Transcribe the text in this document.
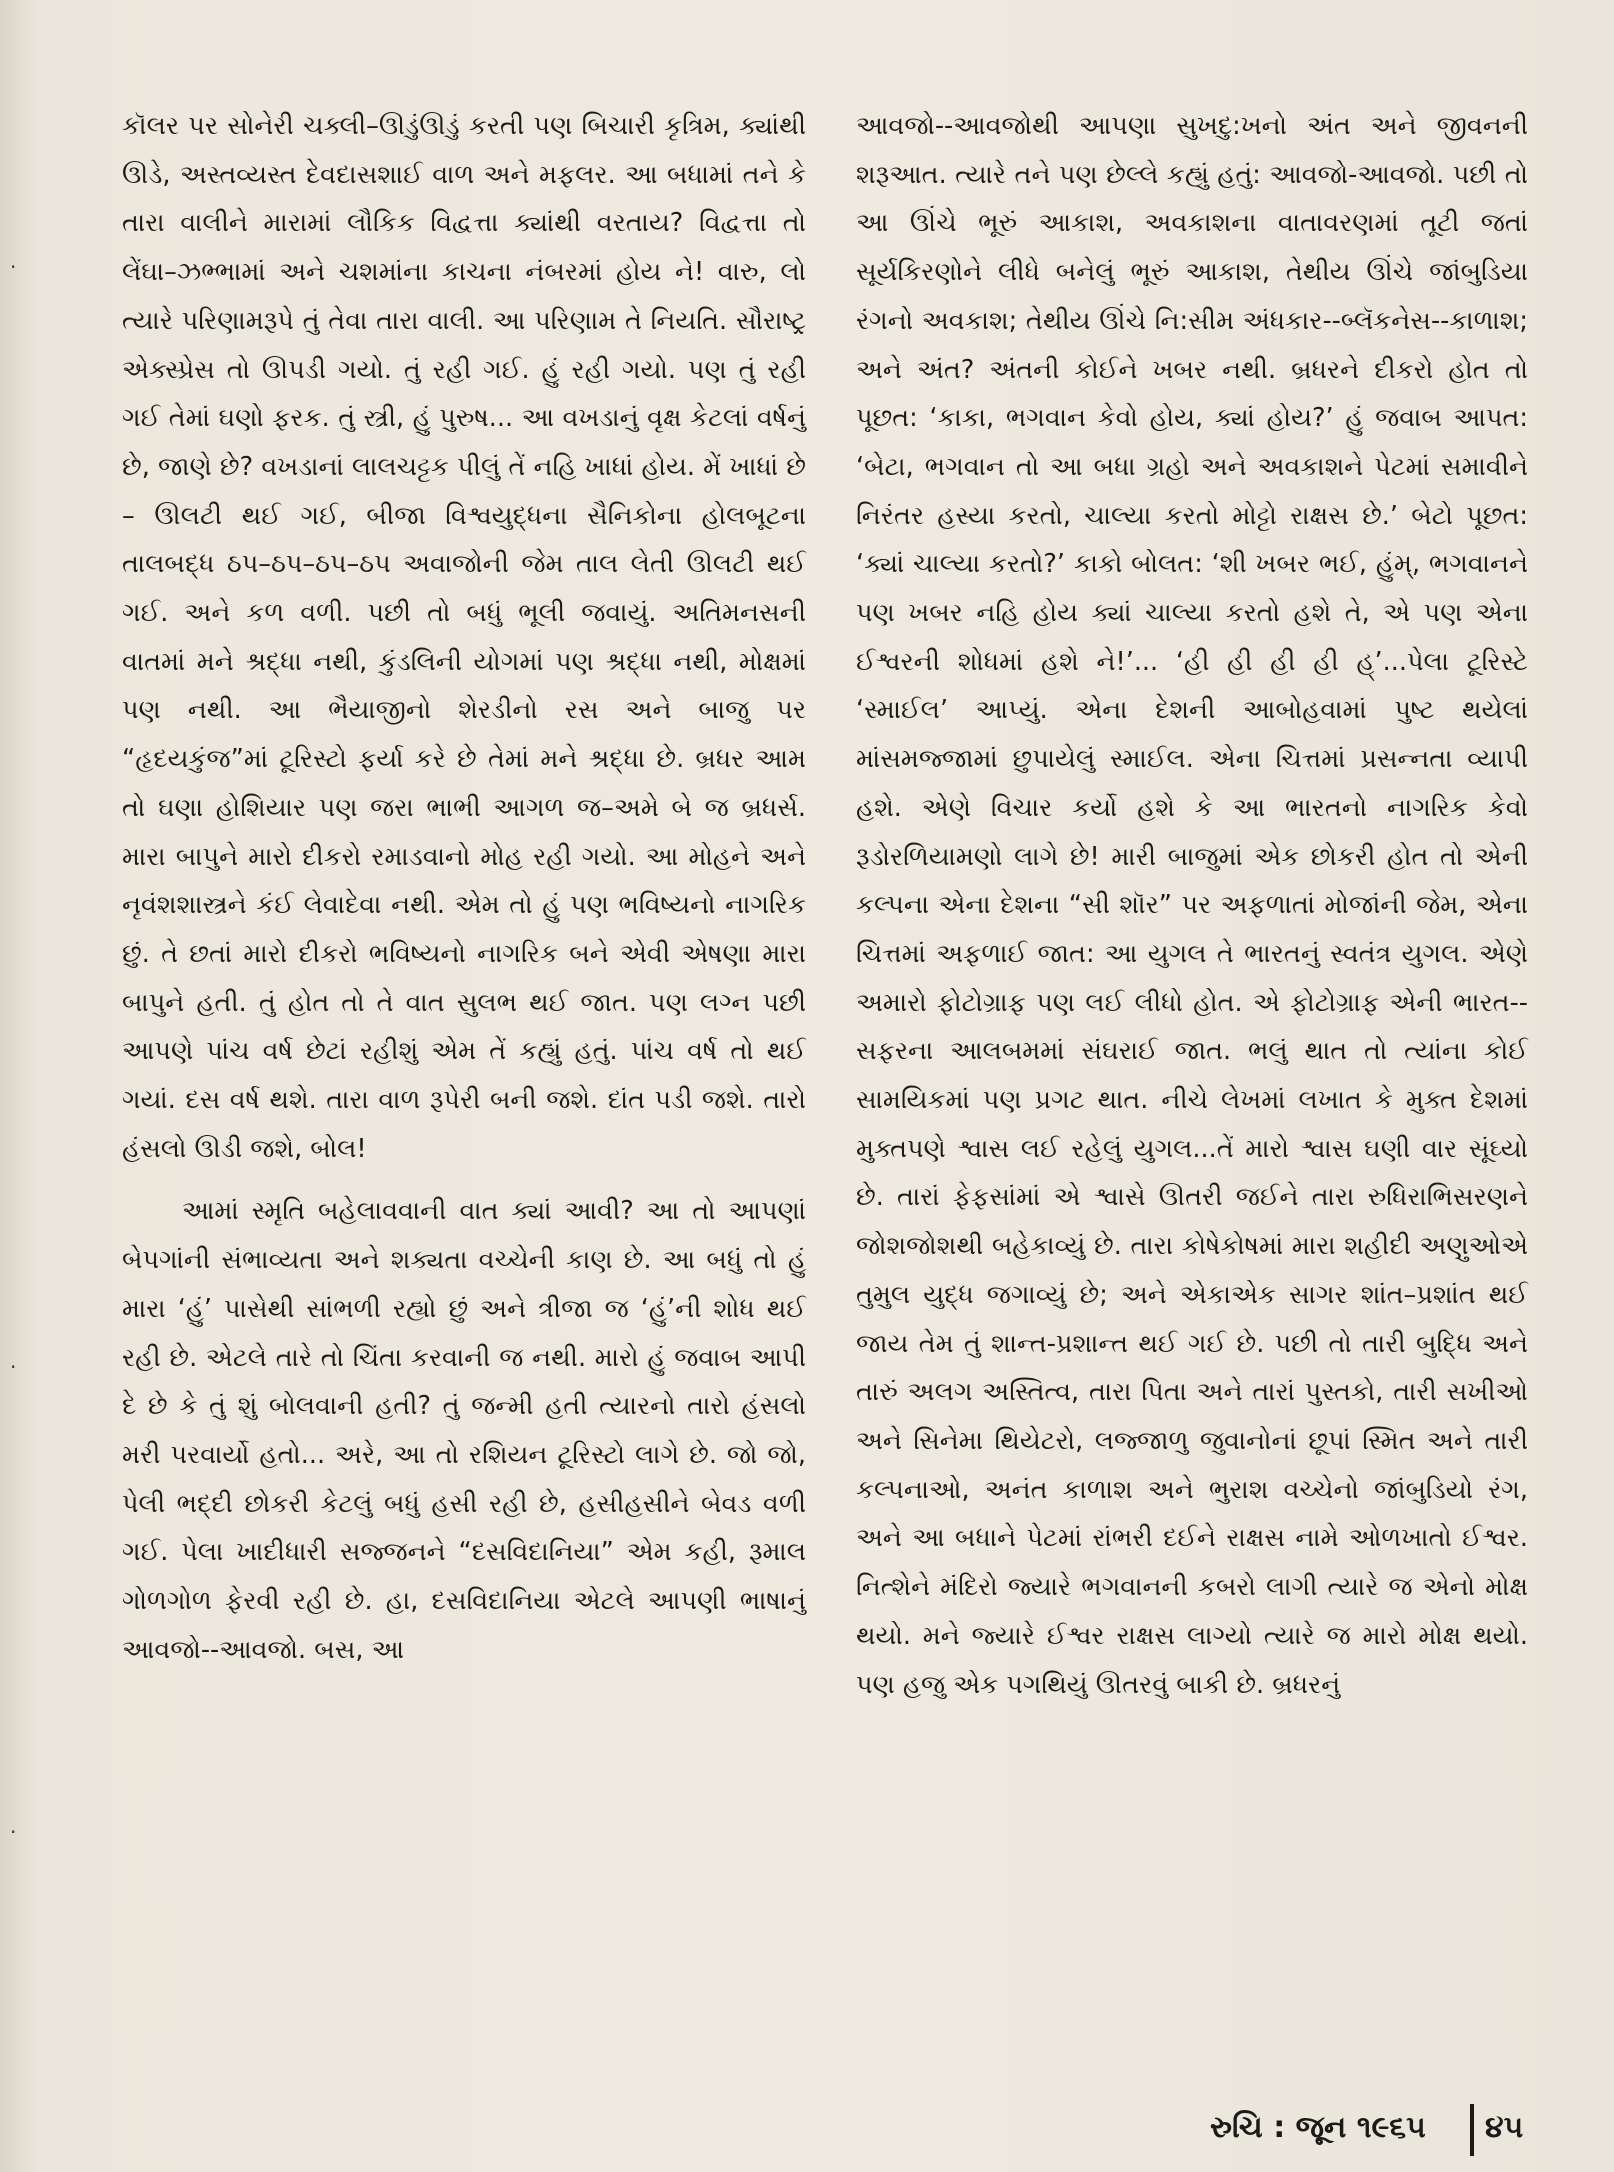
·
·
·

કૉલર પર સોનેરી ચક્લી–ઊડુંઊડું કરતી પણ બિચારી કૃત્રિમ, ક્યાંથી ઊડે, અસ્તવ્યસ્ત દેવદાસશાઈ વાળ અને મફલર. આ બધામાં તને કે તારા વાલીને મારામાં લૌકિક વિદ્વત્તા ક્યાંથી વરતાય? વિદ્વત્તા તો લેંઘા–ઝભ્ભામાં અને ચશમાંના કાચના નંબરમાં હોય ને! વારુ, લો ત્યારે પરિણામરૂપે તું તેવા તારા વાલી. આ પરિણામ તે નિયતિ. સૌરાષ્ટ્ર એક્સ્પ્રેસ તો ઊપડી ગયો. તું રહી ગઈ. હું રહી ગયો. પણ તું રહી ગઈ તેમાં ઘણો ફરક. તું સ્ત્રી, હું પુરુષ... આ વખડાનું વૃક્ષ કેટલાં વર્ષનું છે, જાણે છે? વખડાનાં લાલચટ્ટક પીલું તેં નહિ ખાધાં હોય. મેં ખાધાં છે – ઊલટી થઈ ગઈ, બીજા વિશ્વયુદ્ધના સૈનિકોના હોલબૂટના તાલબદ્ધ ઠપ–ઠપ–ઠપ–ઠપ અવાજોની જેમ તાલ લેતી ઊલટી થઈ ગઈ. અને કળ વળી. પછી તો બધું ભૂલી જવાયું. અતિમનસની વાતમાં મને શ્રદ્ધા નથી, કુંડલિની યોગમાં પણ શ્રદ્ધા નથી, મોક્ષમાં પણ નથી. આ ભૈયાજીનો શેરડીનો રસ અને બાજુ પર “હૃદયકુંજ”માં ટૂરિસ્ટો ફર્યા કરે છે તેમાં મને શ્રદ્ધા છે. બ્રધર આમ તો ઘણા હોશિયાર પણ જરા ભાભી આગળ જ–અમે બે જ બ્રધર્સ. મારા બાપુને મારો દીકરો રમાડવાનો મોહ રહી ગયો. આ મોહને અને નૃવંશશાસ્ત્રને કંઈ લેવાદેવા નથી. એમ તો હું પણ ભવિષ્યનો નાગરિક છું. તે છતાં મારો દીકરો ભવિષ્યનો નાગરિક બને એવી એષણા મારા બાપુને હતી. તું હોત તો તે વાત સુલભ થઈ જાત. પણ લગ્ન પછી આપણે પાંચ વર્ષ છેટાં રહીશું એમ તેં કહ્યું હતું. પાંચ વર્ષ તો થઈ ગયાં. દસ વર્ષ થશે. તારા વાળ રૂપેરી બની જશે. દાંત પડી જશે. તારો હંસલો ઊડી જશે, બોલ!

આમાં સ્મૃતિ બહેલાવવાની વાત ક્યાં આવી? આ તો આપણાં બેપગાંની સંભાવ્યતા અને શક્યતા વચ્ચેની કાણ છે. આ બધું તો હું મારા ‘હું’ પાસેથી સાંભળી રહ્યો છું અને ત્રીજા જ ‘હું’ની શોધ થઈ રહી છે. એટલે તારે તો ચિંતા કરવાની જ નથી. મારો હું જવાબ આપી દે છે કે તું શું બોલવાની હતી? તું જન્મી હતી ત્યારનો તારો હંસલો મરી પરવાર્યો હતો... અરે, આ તો રશિયન ટૂરિસ્ટો લાગે છે. જો જો, પેલી ભદ્દી છોકરી કેટલું બધું હસી રહી છે, હસીહસીને બેવડ વળી ગઈ. પેલા ખાદીધારી સજ્જનને “દસવિદાનિયા” એમ કહી, રૂમાલ ગોળગોળ ફેરવી રહી છે. હા, દસવિદાનિયા એટલે આપણી ભાષાનું આવજો--આવજો. બસ, આ

આવજો--આવજોથી આપણા સુખદુ:ખનો અંત અને જીવનની શરૂઆત. ત્યારે તને પણ છેલ્લે કહ્યું હતું: આવજો-આવજો. પછી તો આ ઊંચે ભૂરું આકાશ, અવકાશના વાતાવરણમાં તૂટી જતાં સૂર્યકિરણોને લીધે બનેલું ભૂરું આકાશ, તેથીય ઊંચે જાંબુડિયા રંગનો અવકાશ; તેથીય ઊંચે નિ:સીમ અંધકાર--બ્લૅકનેસ--કાળાશ; અને અંત? અંતની કોઈને ખબર નથી. બ્રધરને દીકરો હોત તો પૂછત: ‘કાકા, ભગવાન કેવો હોય, ક્યાં હોય?’ હું જવાબ આપત: ‘બેટા, ભગવાન તો આ બધા ગ્રહો અને અવકાશને પેટમાં સમાવીને નિરંતર હસ્યા કરતો, ચાલ્યા કરતો મોટ્ટો રાક્ષસ છે.’ બેટો પૂછત: ‘ક્યાં ચાલ્યા કરતો?’ કાકો બોલત: ‘શી ખબર ભઈ, હુંમ્, ભગવાનને પણ ખબર નહિ હોય ક્યાં ચાલ્યા કરતો હશે તે, એ પણ એના ઈશ્વરની શોધમાં હશે ને!’... ‘હી હી હી હી હ્’...પેલા ટૂરિસ્ટે ‘સ્માઈલ’ આપ્યું. એના દેશની આબોહવામાં પુષ્ટ થયેલાં માંસમજ્જામાં છુપાયેલું સ્માઈલ. એના ચિત્તમાં પ્રસન્નતા વ્યાપી હશે. એણે વિચાર કર્યો હશે કે આ ભારતનો નાગરિક કેવો રૂડોરળિયામણો લાગે છે! મારી બાજુમાં એક છોકરી હોત તો એની કલ્પના એના દેશના “સી શૉર” પર અફળાતાં મોજાંની જેમ, એના ચિત્તમાં અફળાઈ જાત: આ યુગલ તે ભારતનું સ્વતંત્ર યુગલ. એણે અમારો ફોટોગ્રાફ પણ લઈ લીધો હોત. એ ફોટોગ્રાફ એની ભારત--સફરના આલબમમાં સંઘરાઈ જાત. ભલું થાત તો ત્યાંના કોઈ સામયિકમાં પણ પ્રગટ થાત. નીચે લેખમાં લખાત કે મુક્ત દેશમાં મુક્તપણે શ્વાસ લઈ રહેલું યુગલ...તેં મારો શ્વાસ ઘણી વાર સૂંઘ્યો છે. તારાં ફેફસાંમાં એ શ્વાસે ઊતરી જઈને તારા રુધિરાભિસરણને જોશજોશથી બહેકાવ્યું છે. તારા કોષેકોષમાં મારા શહીદી અણુઓએ તુમુલ યુદ્ધ જગાવ્યું છે; અને એકાએક સાગર શાંત–પ્રશાંત થઈ જાય તેમ તું શાન્ત-પ્રશાન્ત થઈ ગઈ છે. પછી તો તારી બુદ્ધિ અને તારું અલગ અસ્તિત્વ, તારા પિતા અને તારાં પુસ્તકો, તારી સખીઓ અને સિનેમા થિયેટરો, લજ્જાળુ જુવાનોનાં છૂપાં સ્મિત અને તારી કલ્પનાઓ, અનંત કાળાશ અને ભુરાશ વચ્ચેનો જાંબુડિયો રંગ, અને આ બધાને પેટમાં રાંભરી દઈને રાક્ષસ નામે ઓળખાતો ઈશ્વર. નિત્શેને મંદિરો જ્યારે ભગવાનની કબરો લાગી ત્યારે જ એનો મોક્ષ થયો. મને જ્યારે ઈશ્વર રાક્ષસ લાગ્યો ત્યારે જ મારો મોક્ષ થયો. પણ હજુ એક પગથિયું ઊતરવું બાકી છે. બ્રધરનું

રુચિ : જૂન ૧૯૬૫ ૪૫
